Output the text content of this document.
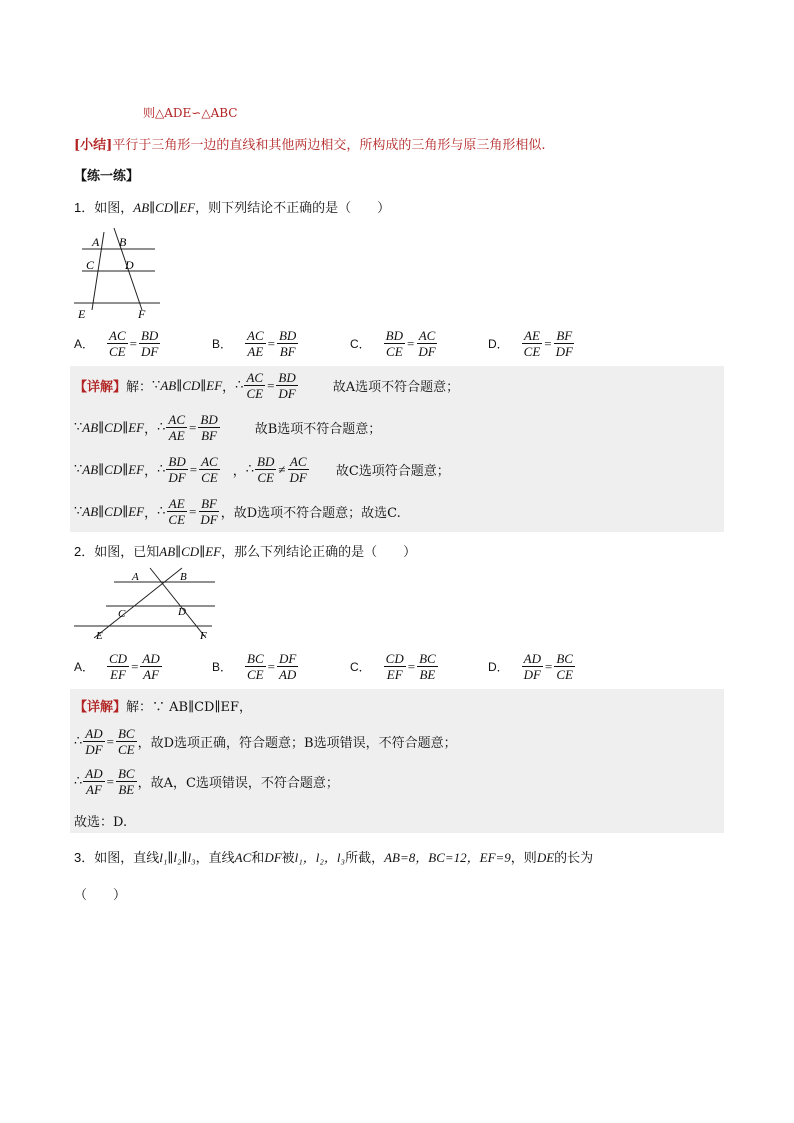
则△ADE∽△ABC
[小结]平行于三角形一边的直线和其他两边相交，所构成的三角形与原三角形相似.
【练一练】
1．如图，AB∥CD∥EF，则下列结论不正确的是（　　）
A B
C	D
E	F
A． $\frac{AC}{CE} = \frac{BD}{DF}$	B． $\frac{AC}{AE} = \frac{BD}{BF}$	C． $\frac{BD}{CE} = \frac{AC}{DF}$	D． $\frac{AE}{CE} = \frac{BF}{DF}$
【详解】 解： ∵ AB∥CD∥EF ， ∴ $\frac{AC}{CE} = \frac{BD}{DF}$	故A选项不符合题意；
∵ AB∥CD∥EF ， ∴ $\frac{AC}{AE} = \frac{BD}{BF}$	故B选项不符合题意；
∵ AB∥CD∥EF ， ∴ $\frac{BD}{DF} = \frac{AC}{CE}$ ， ∴ $\frac{BD}{CE} \ne \frac{AC}{DF}$ 故C选项符合题意；
∵ AB∥CD∥EF ， ∴ $\frac{AE}{CE} = \frac{BF}{DF}$ ，故D选项不符合题意；故选C.
2．如图，已知AB∥CD∥EF，那么下列结论正确的是（　　）
A	B
C	D
E	F
A． $\frac{CD}{EF} = \frac{AD}{AF}$	B． $\frac{BC}{CE} = \frac{DF}{AD}$	C． $\frac{CD}{EF} = \frac{BC}{BE}$	D． $\frac{AD}{DF} = \frac{BC}{CE}$
【详解】 解：∵ AB∥CD∥EF，
∴ $\frac{AD}{DF} = \frac{BC}{CE}$ ，故D选项正确，符合题意；B选项错误，不符合题意；
∴ $\frac{AD}{AF} = \frac{BC}{BE}$ ，故A，C选项错误，不符合题意；
故选：D.
3．如图，直线l₁∥l₂∥l₃，直线AC和DF被l₁，l₂，l₃所截，AB=8，BC=12，EF=9，则DE的长为
（　　）
